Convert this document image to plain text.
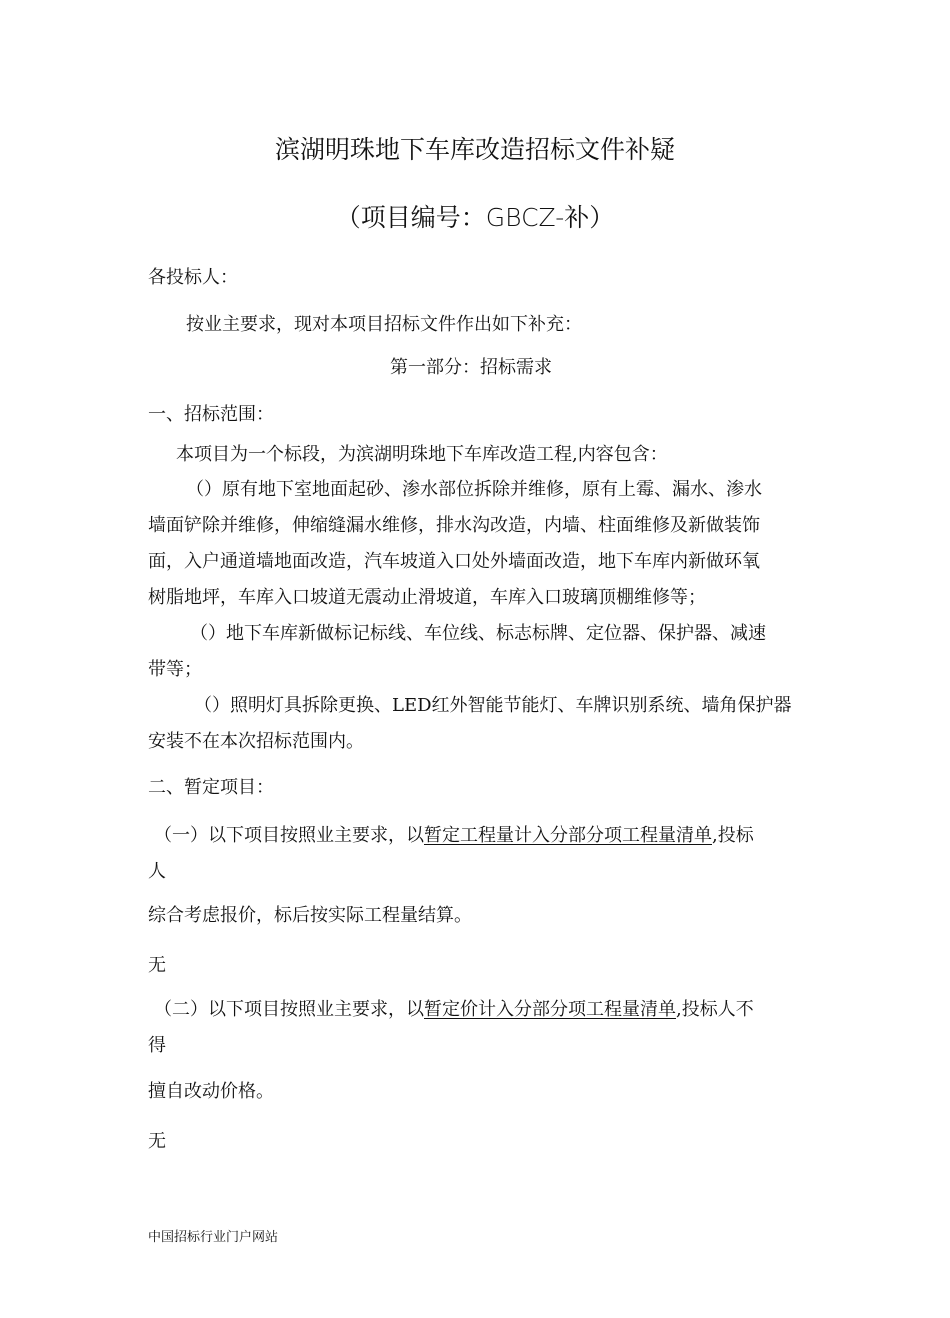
滨湖明珠地下车库改造招标文件补疑
（项目编号：GBCZ-补）
各投标人：
按业主要求，现对本项目招标文件作出如下补充：
第一部分：招标需求
一、招标范围：
本项目为一个标段，为滨湖明珠地下车库改造工程,内容包含：
（）原有地下室地面起砂、渗水部位拆除并维修，原有上霉、漏水、渗水
墙面铲除并维修，伸缩缝漏水维修，排水沟改造，内墙、柱面维修及新做装饰
面，入户通道墙地面改造，汽车坡道入口处外墙面改造，地下车库内新做环氧
树脂地坪，车库入口坡道无震动止滑坡道，车库入口玻璃顶棚维修等；
（）地下车库新做标记标线、车位线、标志标牌、定位器、保护器、减速
带等；
（）照明灯具拆除更换、LED红外智能节能灯、车牌识别系统、墙角保护器
安装不在本次招标范围内。
二、暂定项目：
（一）以下项目按照业主要求，以暂定工程量计入分部分项工程量清单,投标
人
综合考虑报价，标后按实际工程量结算。
无
（二）以下项目按照业主要求，以暂定价计入分部分项工程量清单,投标人不
得
擅自改动价格。
无
中国招标行业门户网站
